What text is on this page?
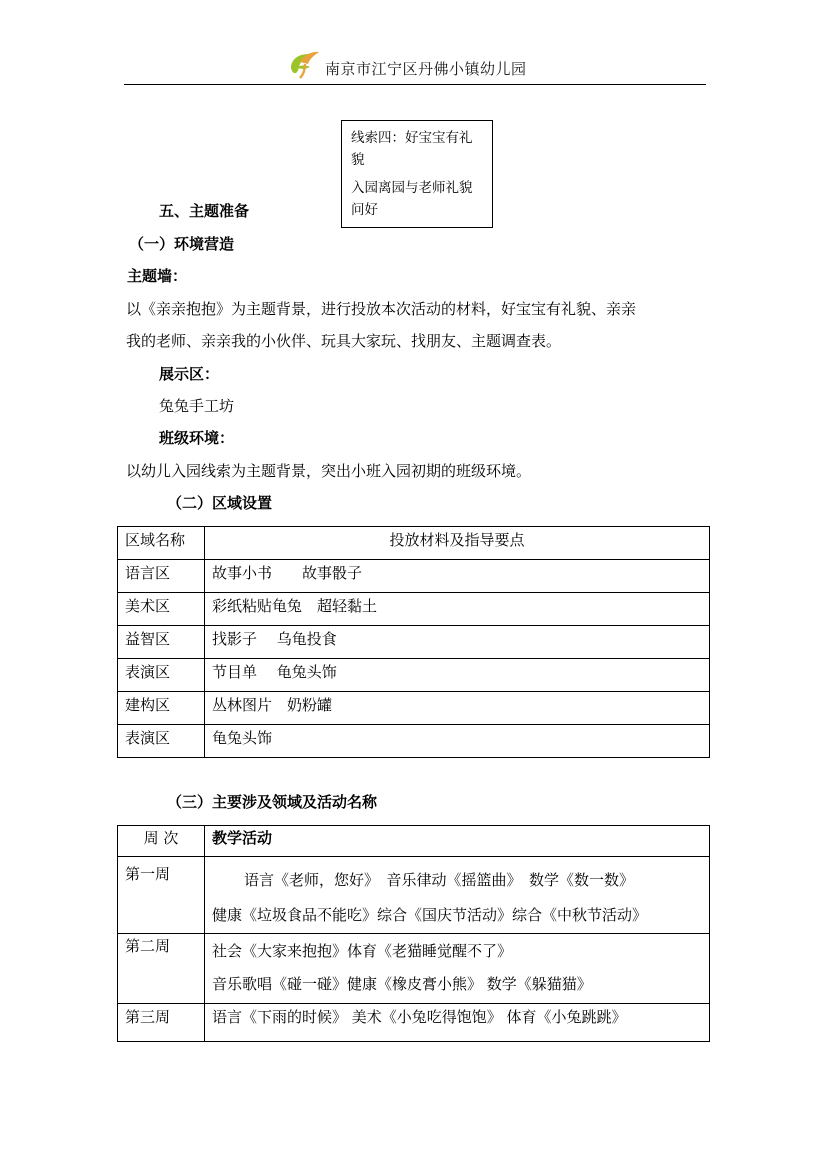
南京市江宁区丹佛小镇幼儿园

线索四：好宝宝有礼貌

入园离园与老师礼貌问好

五、主题准备
（一）环境营造
主题墙：
以《亲亲抱抱》为主题背景，进行投放本次活动的材料，好宝宝有礼貌、亲亲
我的老师、亲亲我的小伙伴、玩具大家玩、找朋友、主题调查表。
展示区：
兔兔手工坊
班级环境：
以幼儿入园线索为主题背景，突出小班入园初期的班级环境。
（二）区域设置
区域名称	投放材料及指导要点
语言区	故事小书　　故事骰子
美术区	彩纸粘贴龟兔　超轻黏土
益智区	找影子　 乌龟投食
表演区	节目单　 龟兔头饰
建构区	丛林图片　奶粉罐
表演区	龟兔头饰
（三）主要涉及领域及活动名称
周 次	教学活动
第一周	语言《老师，您好》　音乐律动《摇篮曲》　数学《数一数》
健康《垃圾食品不能吃》综合《国庆节活动》综合《中秋节活动》

第二周	社会《大家来抱抱》体育《老猫睡觉醒不了》
音乐歌唱《碰一碰》健康《橡皮膏小熊》 数学《躲猫猫》

第三周	语言《下雨的时候》 美术《小兔吃得饱饱》 体育《小兔跳跳》
